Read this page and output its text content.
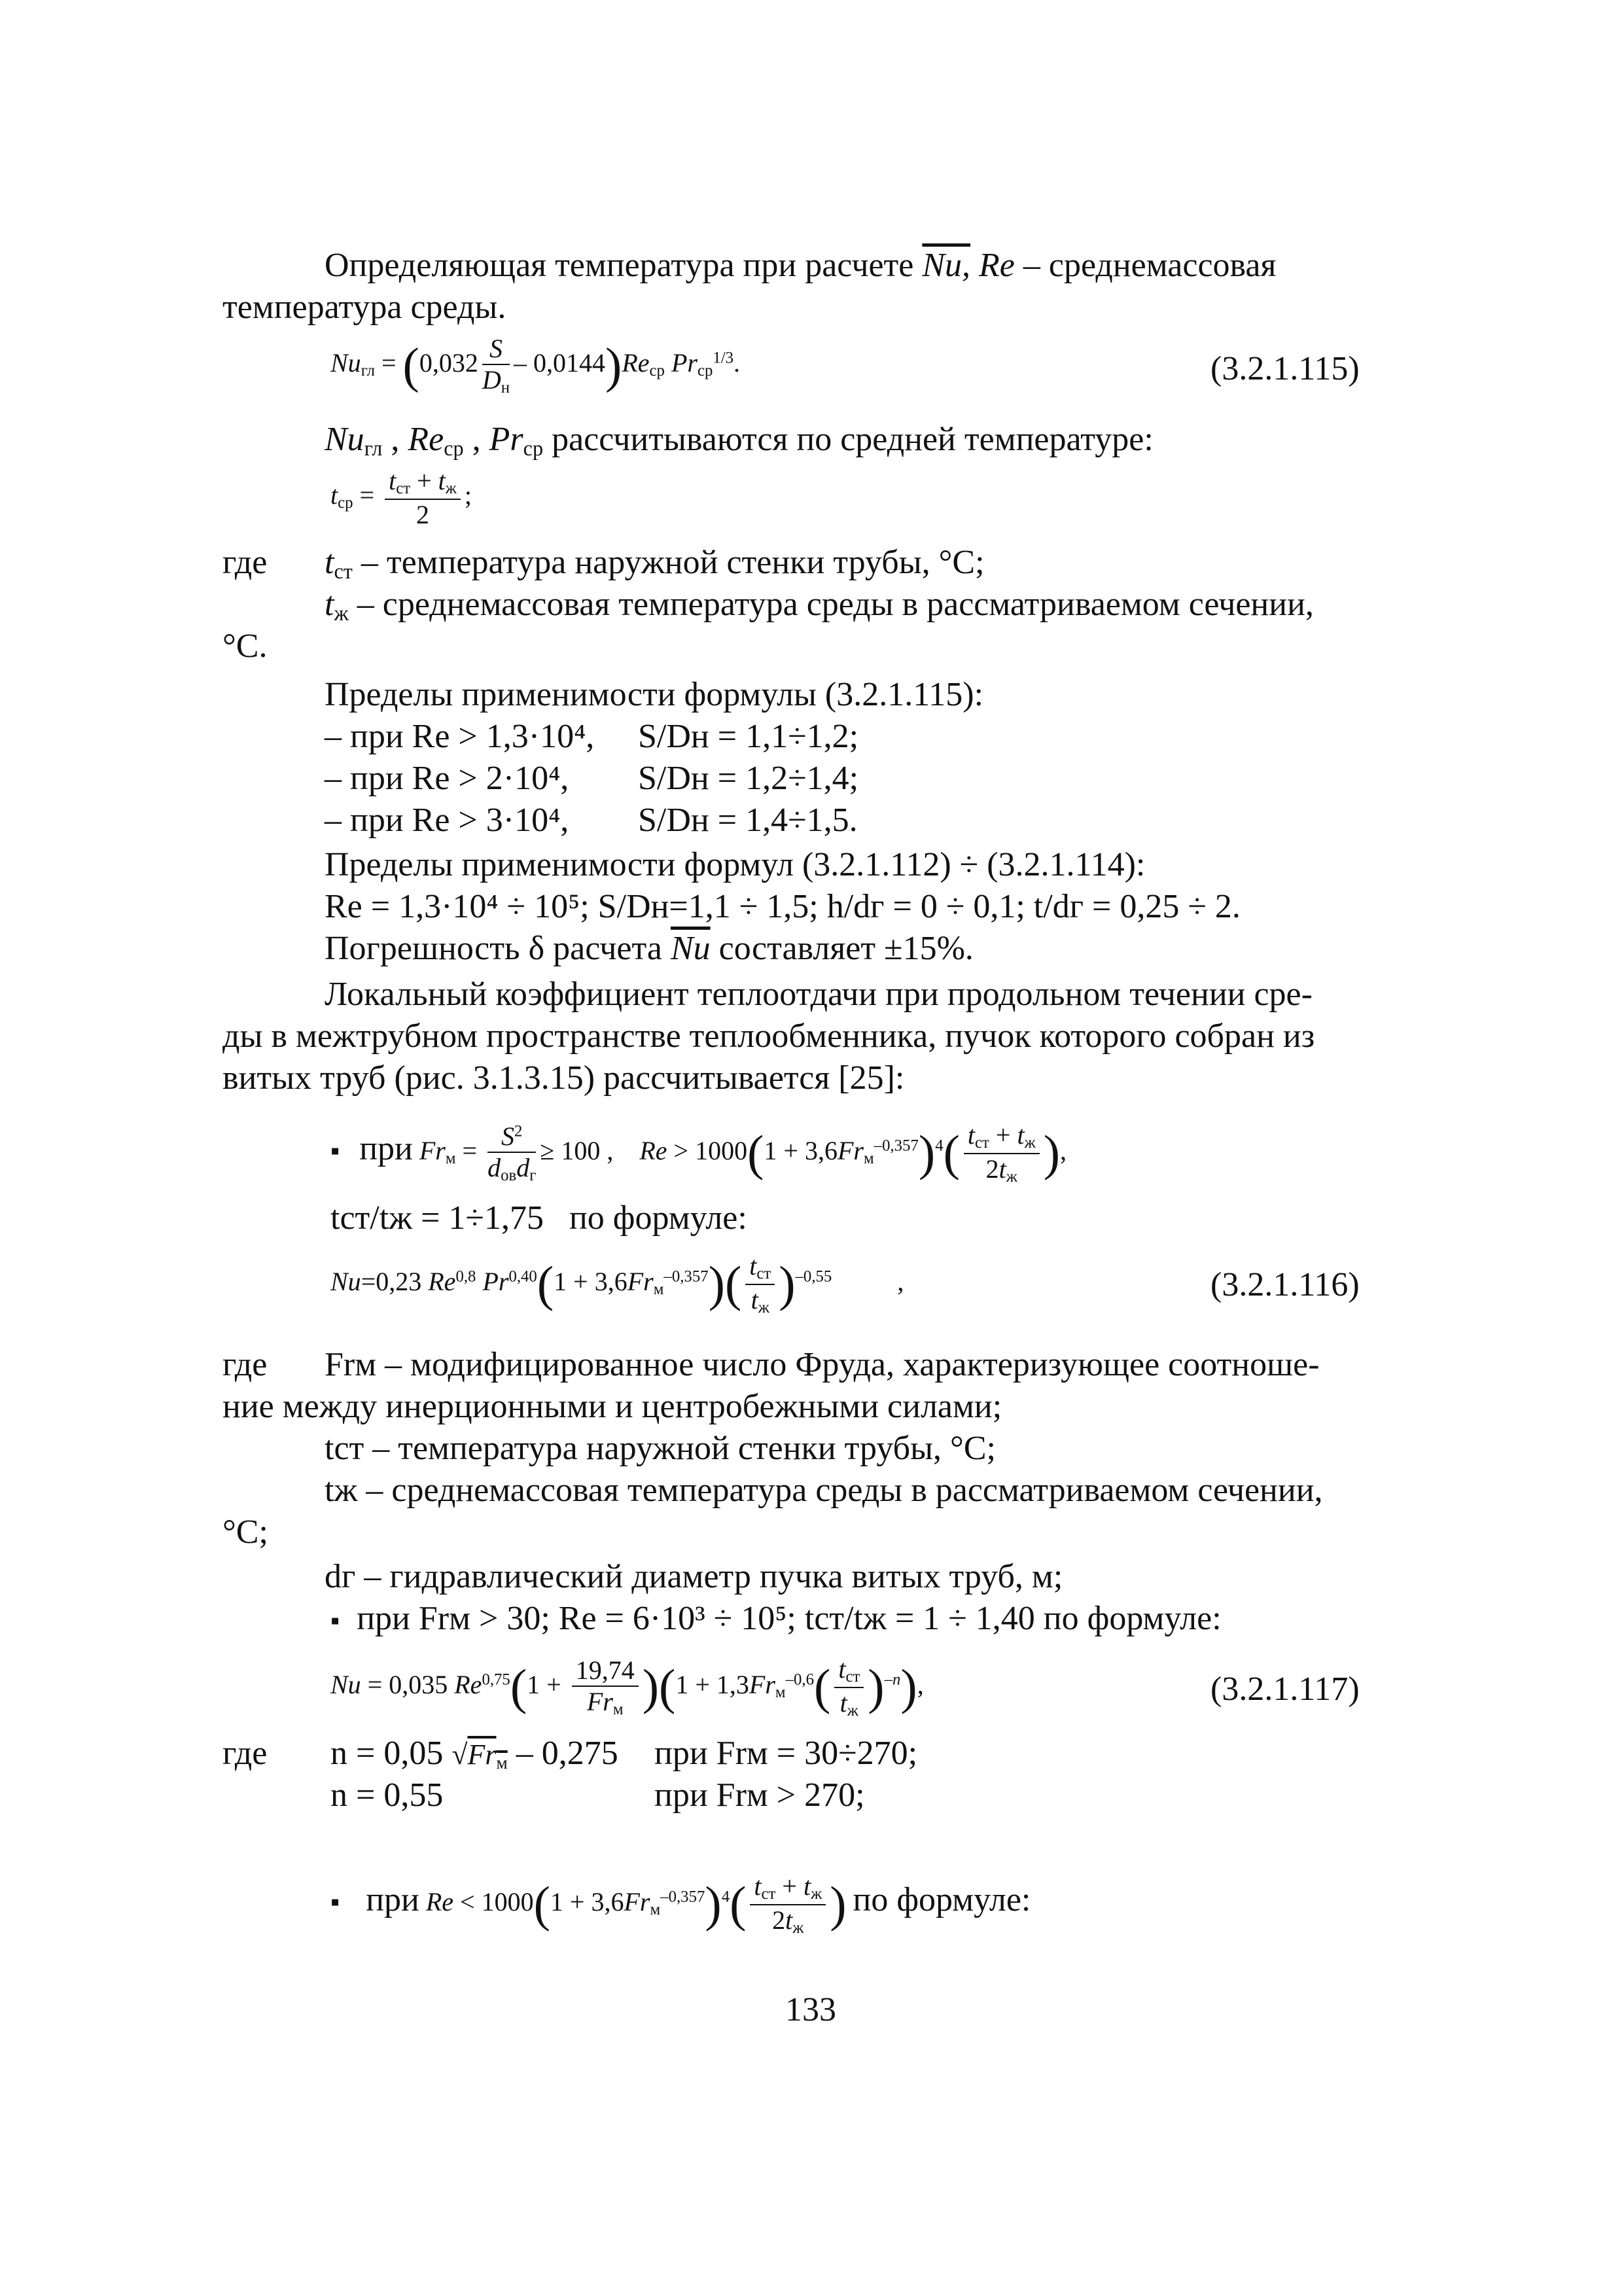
Определяющая температура при расчете Nu, Re – среднемассовая
температура среды.
$Nu_{гл} = (0,032 \frac{S}{D_н} - 0,0144)Re_{ср}$ $Pr_{ср}^{1/3}$.	(3.2.1.115)
$Nu_{гл}$ , $Re_{ср}$ , $Pr_{ср}$ рассчитываются по средней температуре:
$t_{ср} = \frac{t_{ст} + t_ж}{2}$ ;
где $t_{ст}$ – температура наружной стенки трубы, °С;
$t_ж$ – среднемассовая температура среды в рассматриваемом сечении,
°С.
Пределы применимости формулы (3.2.1.115):
– при Re > 1,3·10⁴, S/Dн = 1,1÷1,2;
– при Re > 2·10⁴, S/Dн = 1,2÷1,4;
– при Re > 3·10⁴, S/Dн = 1,4÷1,5.
Пределы применимости формул (3.2.1.112) ÷ (3.2.1.114):
Re = 1,3·10⁴ ÷ 10⁵; S/Dн=1,1 ÷ 1,5; h/dг = 0 ÷ 0,1; t/dг = 0,25 ÷ 2.
Погрешность δ расчета $\overline{Nu}$ составляет ±15%.
Локальный коэффициент теплоотдачи при продольном течении сре-
ды в межтрубном пространстве теплообменника, пучок которого собран из
витых труб (рис. 3.1.3.15) рассчитывается [25]:
▪ при $Fr_м = \frac{S^2}{d_{ов}d_г} \ge 100$ ,    $Re > 1000(1 + 3,6Fr_м^{-0,357})^4( \frac{t_{ст} + t_ж}{2t_ж}$ ),
tст/tж = 1÷1,75 по формуле:
Nu=0,23 Re$^{0,8}$ $Pr^{0,40}(1 + 3,6Fr_м^{-0,357})( \frac{t_{ст}}{t_ж} )^{-0,55}$          ,	(3.2.1.116)
где Frм – модифицированное число Фруда, характеризующее соотноше-
ние между инерционными и центробежными силами;
tст – температура наружной стенки трубы, °С;
tж – среднемассовая температура среды в рассматриваемом сечении,
°С;
dг – гидравлический диаметр пучка витых труб, м;
▪ при Frм > 30; Re = 6·10³ ÷ 10⁵; tст/tж = 1 ÷ 1,40 по формуле:
Nu = 0,035 $Re^{0,75}(1 + \frac{19,74}{Fr_м} )(1 + 1,3Fr_м^{-0,6}( \frac{t_{ст}}{t_ж} )^{-n})$,	(3.2.1.117)
где n = 0,05 $√Fr_м - 0,275$ при Frм = 30÷270;
n = 0,55	при Frм > 270;
▪ при $Re < 1000(1 + 3,6Fr_м^{-0,357})^4( \frac{t_{ст} + t_ж}{2t_ж}$ ) по формуле:
133
